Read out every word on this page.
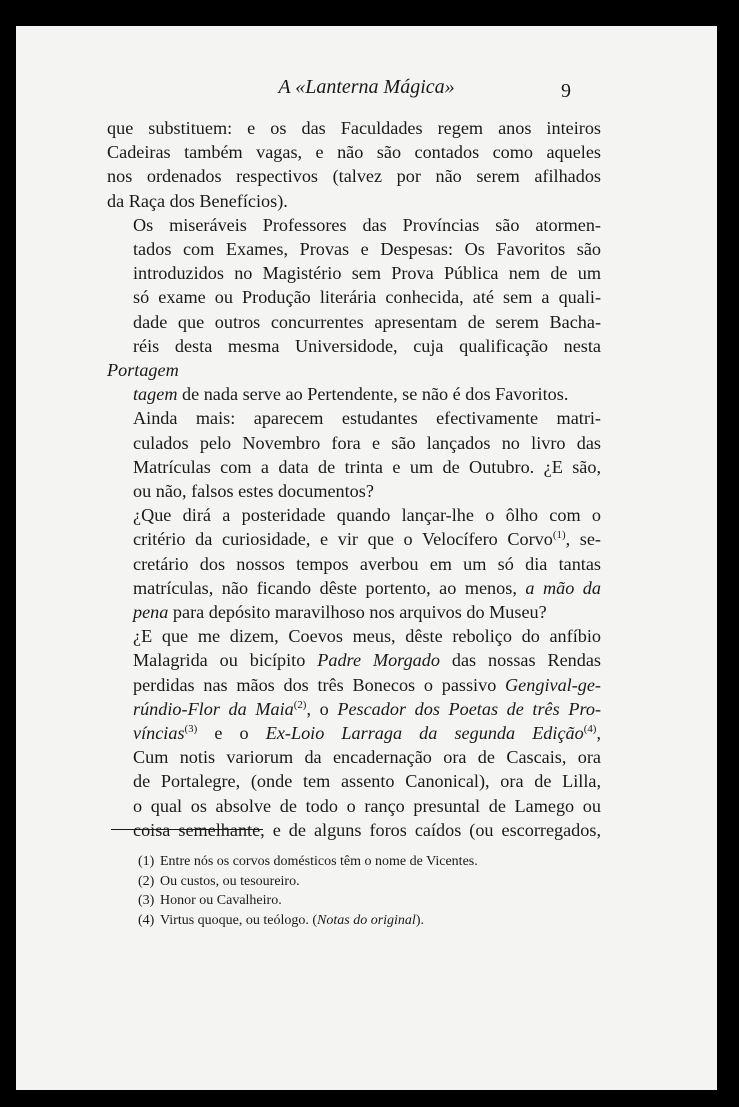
A «Lanterna Mágica»	9

que substituem: e os das Faculdades regem anos inteiros
Cadeiras também vagas, e não são contados como aqueles
nos ordenados respectivos (talvez por não serem afilhados
da Raça dos Benefícios).

Os miseráveis Professores das Províncias são atormen-
tados com Exames, Provas e Despesas: Os Favoritos são
introduzidos no Magistério sem Prova Pública nem de um
só exame ou Produção literária conhecida, até sem a quali-
dade que outros concurrentes apresentam de serem Bacha-
réis desta mesma Universidode, cuja qualificação nesta Portagem
tagem de nada serve ao Pertendente, se não é dos Favoritos.

Ainda mais: aparecem estudantes efectivamente matri-
culados pelo Novembro fora e são lançados no livro das
Matrículas com a data de trinta e um de Outubro. ¿E são,
ou não, falsos estes documentos?

¿Que dirá a posteridade quando lançar-lhe o ôlho com o
critério da curiosidade, e vir que o Velocífero Corvo$^{(1)}$, se-
cretário dos nossos tempos averbou em um só dia tantas
matrículas, não ficando dêste portento, ao menos, a mão da
pena para depósito maravilhoso nos arquivos do Museu?

¿E que me dizem, Coevos meus, dêste reboliço do anfíbio
Malagrida ou bicípito Padre Morgado das nossas Rendas
perdidas nas mãos dos três Bonecos o passivo Gengival-ge-
rúndio-Flor da Maia$^{(2)}$, o Pescador dos Poetas de três Pro-
víncias$^{(3)}$ e o Ex-Loio Larraga da segunda Edição$^{(4)}$,
Cum notis variorum da encadernação ora de Cascais, ora
de Portalegre, (onde tem assento Canonical), ora de Lilla,
o qual os absolve de todo o ranço presuntal de Lamego ou
coisa semelhante, e de alguns foros caídos (ou escorregados,

(1) Entre nós os corvos domésticos têm o nome de Vicentes.
(2) Ou custos, ou tesoureiro.
(3) Honor ou Cavalheiro.
(4) Virtus quoque, ou teólogo. (Notas do original).
